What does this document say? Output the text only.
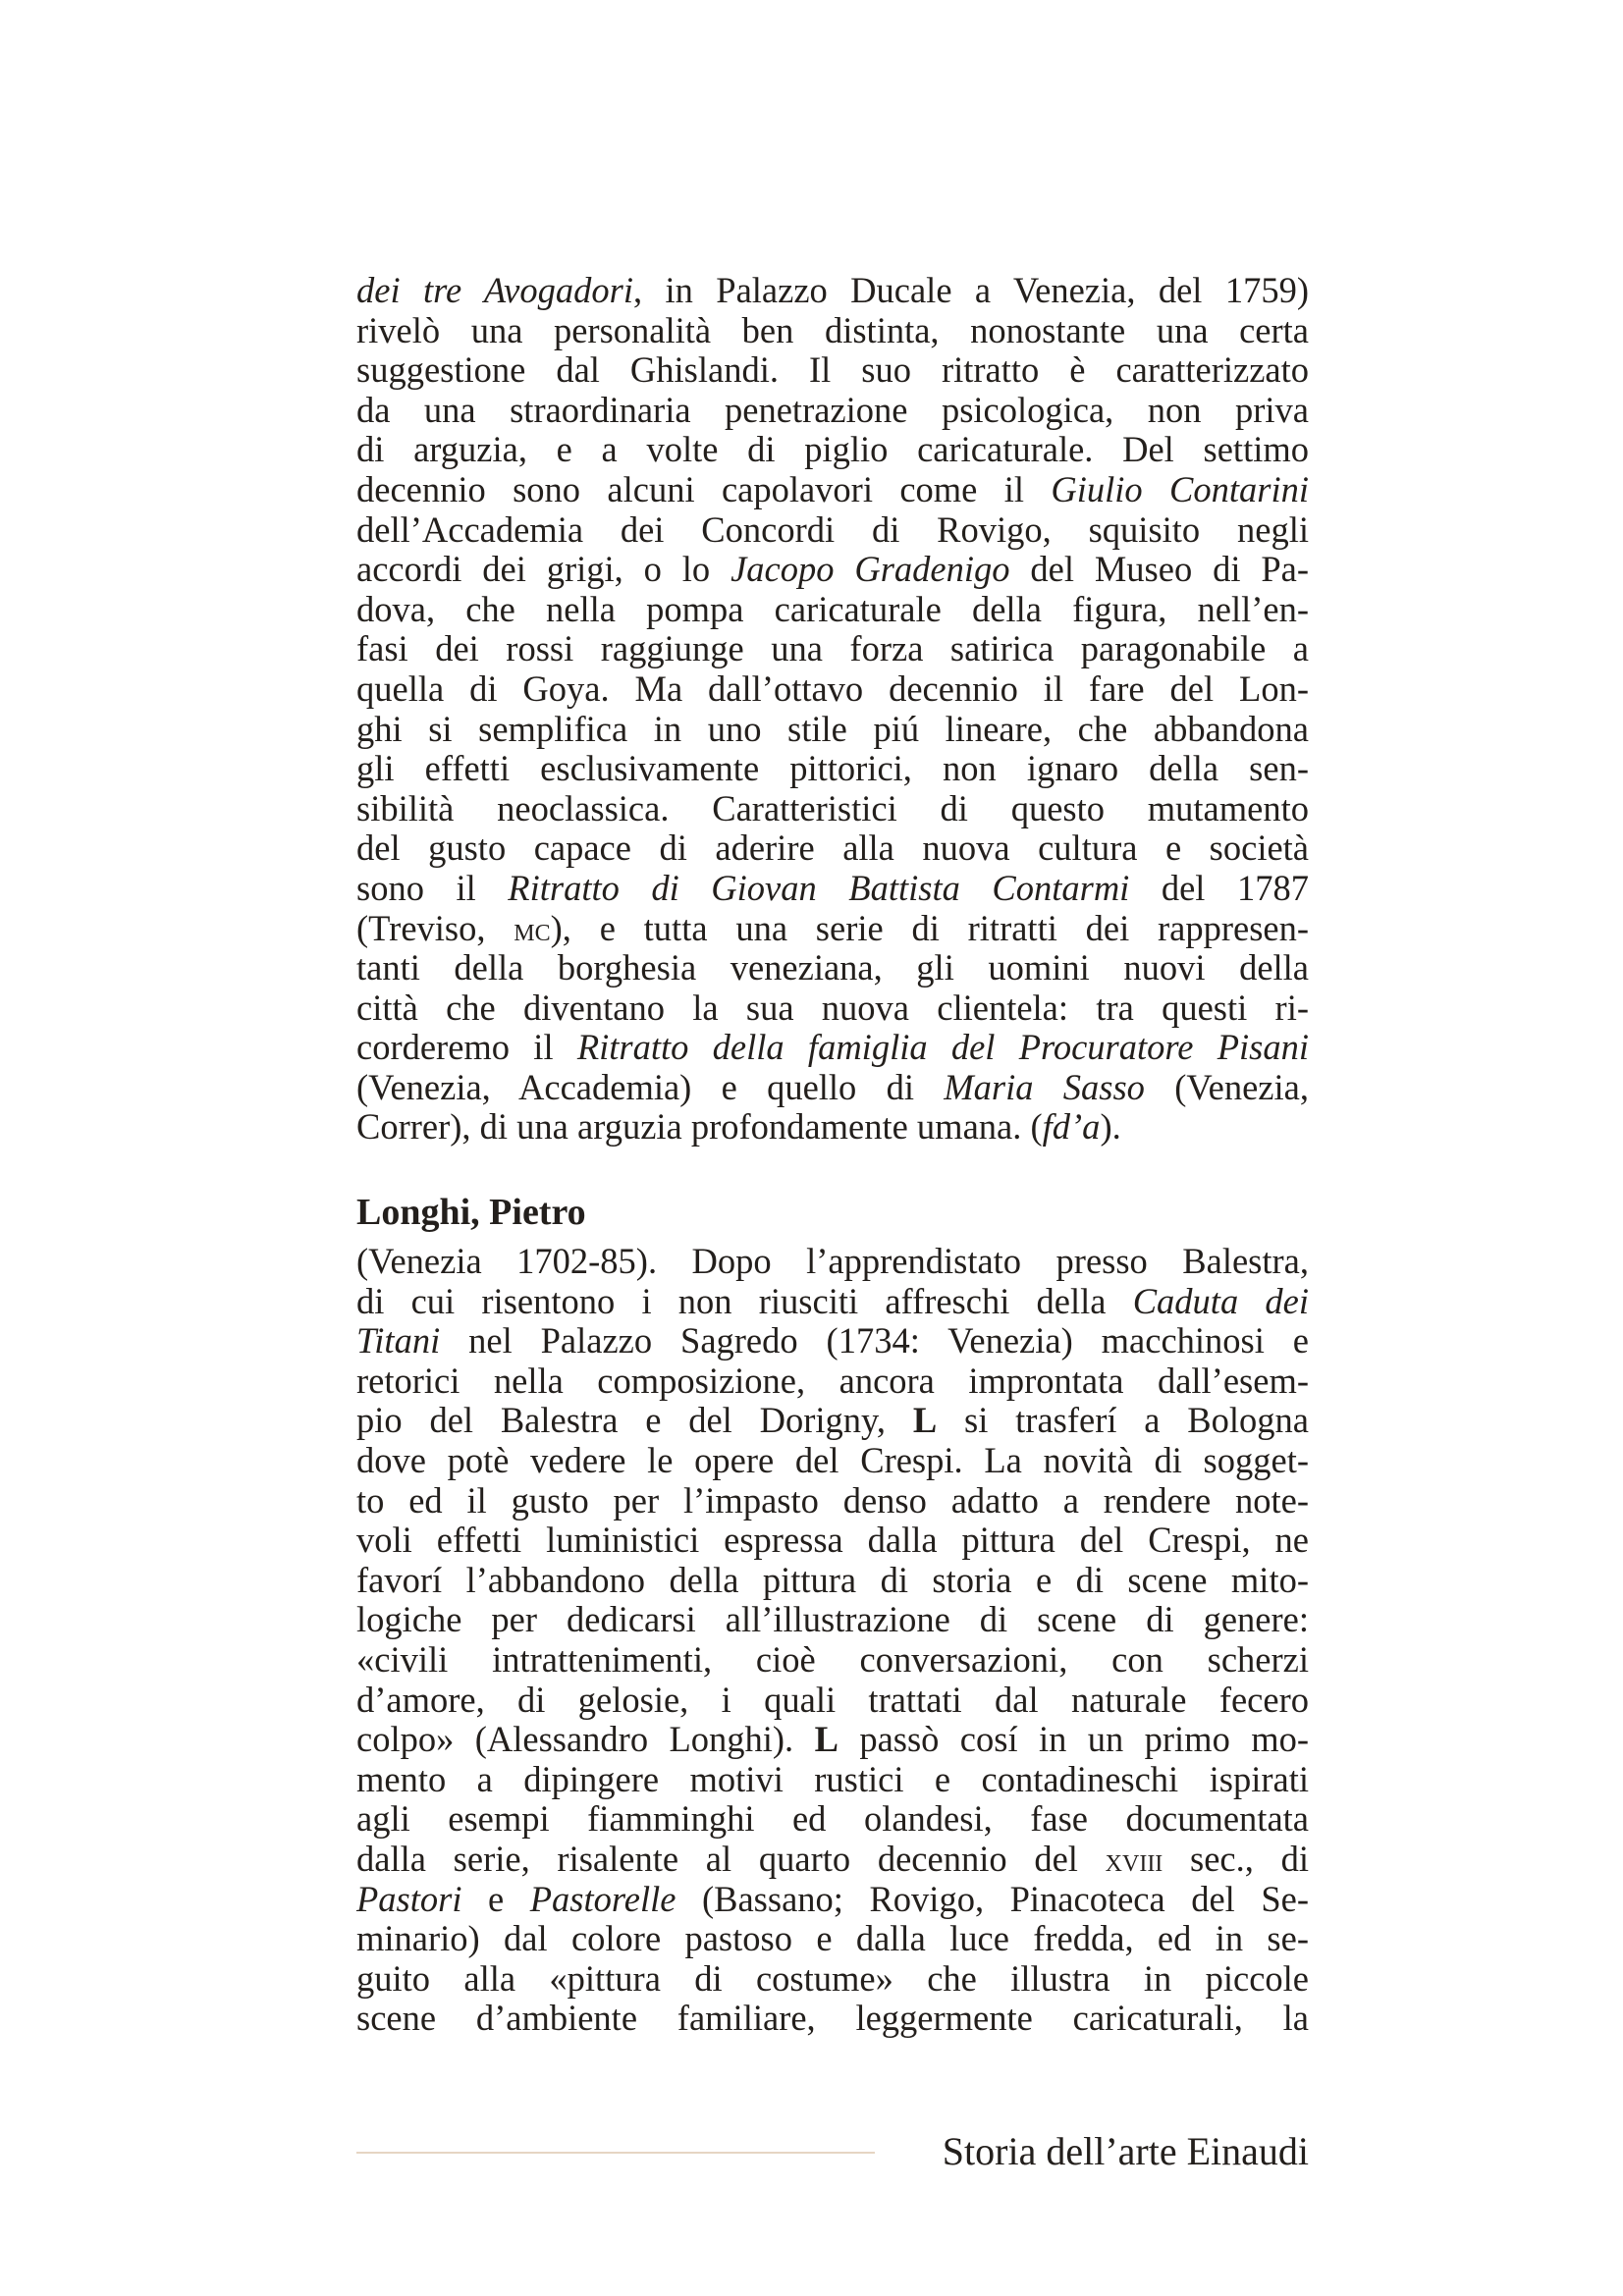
dei tre Avogadori, in Palazzo Ducale a Venezia, del 1759)
rivelò una personalità ben distinta, nonostante una certa
suggestione dal Ghislandi. Il suo ritratto è caratterizzato
da una straordinaria penetrazione psicologica, non priva
di arguzia, e a volte di piglio caricaturale. Del settimo
decennio sono alcuni capolavori come il Giulio Contarini
dell’Accademia dei Concordi di Rovigo, squisito negli
accordi dei grigi, o lo Jacopo Gradenigo del Museo di Pa-
dova, che nella pompa caricaturale della figura, nell’en-
fasi dei rossi raggiunge una forza satirica paragonabile a
quella di Goya. Ma dall’ottavo decennio il fare del Lon-
ghi si semplifica in uno stile piú lineare, che abbandona
gli effetti esclusivamente pittorici, non ignaro della sen-
sibilità neoclassica. Caratteristici di questo mutamento
del gusto capace di aderire alla nuova cultura e società
sono il Ritratto di Giovan Battista Contarmi del 1787
(Treviso, mc), e tutta una serie di ritratti dei rappresen-
tanti della borghesia veneziana, gli uomini nuovi della
città che diventano la sua nuova clientela: tra questi ri-
corderemo il Ritratto della famiglia del Procuratore Pisani
(Venezia, Accademia) e quello di Maria Sasso (Venezia,
Correr), di una arguzia profondamente umana. (fd’a).
Longhi, Pietro
(Venezia 1702-85). Dopo l’apprendistato presso Balestra,
di cui risentono i non riusciti affreschi della Caduta dei
Titani nel Palazzo Sagredo (1734: Venezia) macchinosi e
retorici nella composizione, ancora improntata dall’esem-
pio del Balestra e del Dorigny, L si trasferí a Bologna
dove potè vedere le opere del Crespi. La novità di sogget-
to ed il gusto per l’impasto denso adatto a rendere note-
voli effetti luministici espressa dalla pittura del Crespi, ne
favorí l’abbandono della pittura di storia e di scene mito-
logiche per dedicarsi all’illustrazione di scene di genere:
«civili intrattenimenti, cioè conversazioni, con scherzi
d’amore, di gelosie, i quali trattati dal naturale fecero
colpo» (Alessandro Longhi). L passò cosí in un primo mo-
mento a dipingere motivi rustici e contadineschi ispirati
agli esempi fiamminghi ed olandesi, fase documentata
dalla serie, risalente al quarto decennio del xviii sec., di
Pastori e Pastorelle (Bassano; Rovigo, Pinacoteca del Se-
minario) dal colore pastoso e dalla luce fredda, ed in se-
guito alla «pittura di costume» che illustra in piccole
scene d’ambiente familiare, leggermente caricaturali, la
Storia dell’arte Einaudi
